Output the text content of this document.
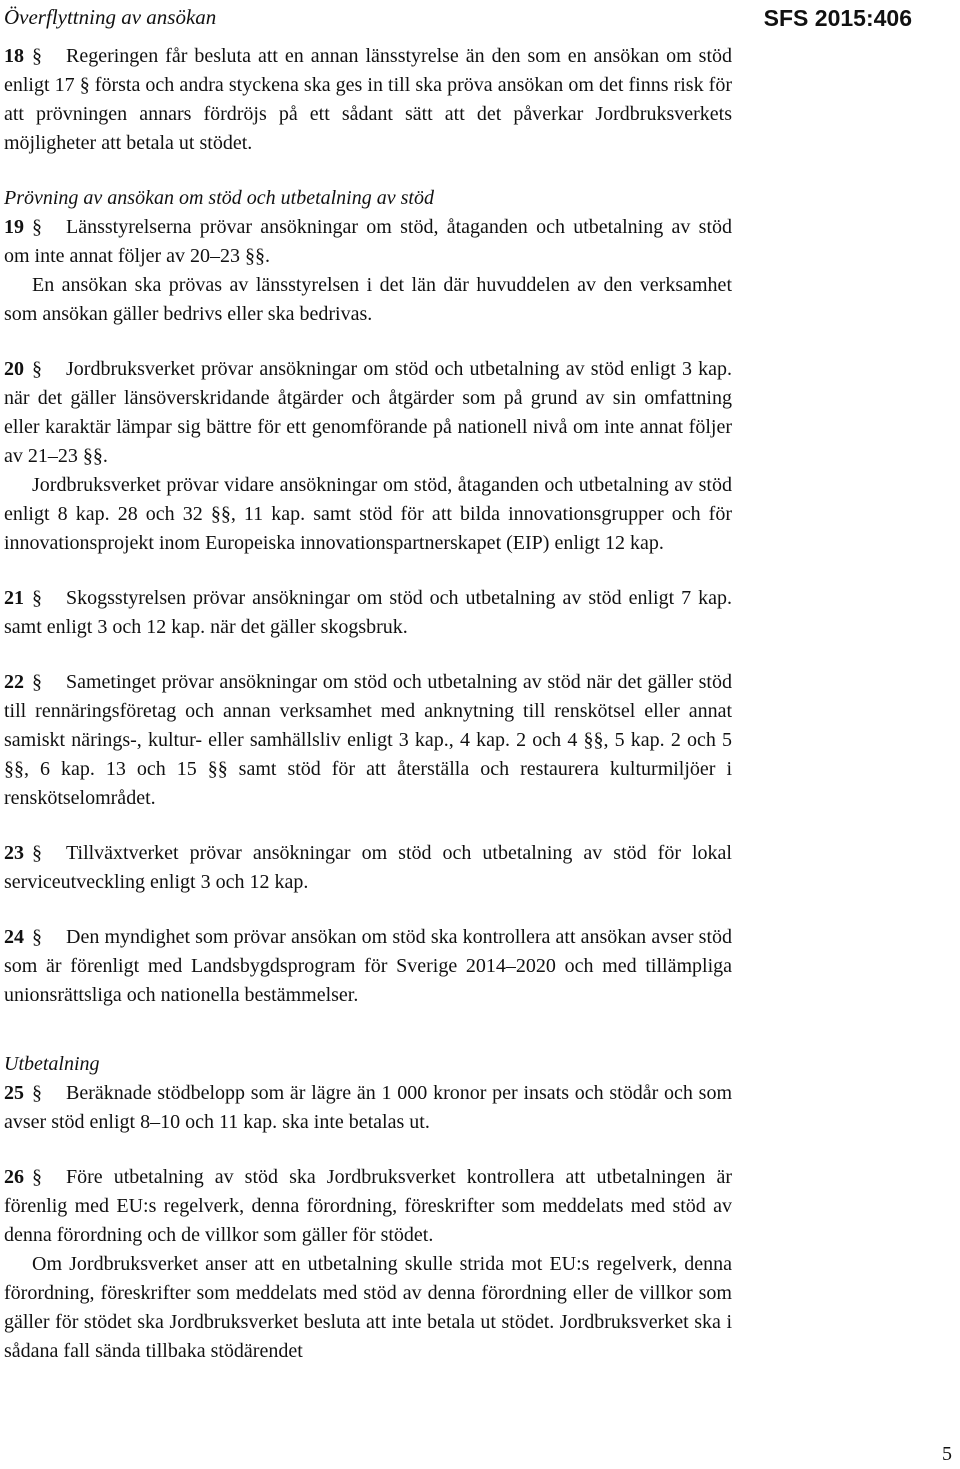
Överflyttning av ansökan	SFS 2015:406

18 § Regeringen får besluta att en annan länsstyrelse än den som en ansökan om stöd enligt 17 § första och andra styckena ska ges in till ska pröva ansökan om det finns risk för att prövningen annars fördröjs på ett sådant sätt att det påverkar Jordbruksverkets möjligheter att betala ut stödet.

Prövning av ansökan om stöd och utbetalning av stöd

19 § Länsstyrelserna prövar ansökningar om stöd, åtaganden och utbetalning av stöd om inte annat följer av 20–23 §§.

En ansökan ska prövas av länsstyrelsen i det län där huvuddelen av den verksamhet som ansökan gäller bedrivs eller ska bedrivas.

20 § Jordbruksverket prövar ansökningar om stöd och utbetalning av stöd enligt 3 kap. när det gäller länsöverskridande åtgärder och åtgärder som på grund av sin omfattning eller karaktär lämpar sig bättre för ett genomförande på nationell nivå om inte annat följer av 21–23 §§.

Jordbruksverket prövar vidare ansökningar om stöd, åtaganden och utbetalning av stöd enligt 8 kap. 28 och 32 §§, 11 kap. samt stöd för att bilda innovationsgrupper och för innovationsprojekt inom Europeiska innovationspartnerskapet (EIP) enligt 12 kap.

21 § Skogsstyrelsen prövar ansökningar om stöd och utbetalning av stöd enligt 7 kap. samt enligt 3 och 12 kap. när det gäller skogsbruk.

22 § Sametinget prövar ansökningar om stöd och utbetalning av stöd när det gäller stöd till rennäringsföretag och annan verksamhet med anknytning till renskötsel eller annat samiskt närings-, kultur- eller samhällsliv enligt 3 kap., 4 kap. 2 och 4 §§, 5 kap. 2 och 5 §§, 6 kap. 13 och 15 §§ samt stöd för att återställa och restaurera kulturmiljöer i renskötselområdet.

23 § Tillväxtverket prövar ansökningar om stöd och utbetalning av stöd för lokal serviceutveckling enligt 3 och 12 kap.

24 § Den myndighet som prövar ansökan om stöd ska kontrollera att ansökan avser stöd som är förenligt med Landsbygdsprogram för Sverige 2014–2020 och med tillämpliga unionsrättsliga och nationella bestämmelser.

Utbetalning

25 § Beräknade stödbelopp som är lägre än 1 000 kronor per insats och stödår och som avser stöd enligt 8–10 och 11 kap. ska inte betalas ut.

26 § Före utbetalning av stöd ska Jordbruksverket kontrollera att utbetalningen är förenlig med EU:s regelverk, denna förordning, föreskrifter som meddelats med stöd av denna förordning och de villkor som gäller för stödet.

Om Jordbruksverket anser att en utbetalning skulle strida mot EU:s regelverk, denna förordning, föreskrifter som meddelats med stöd av denna förordning eller de villkor som gäller för stödet ska Jordbruksverket besluta att inte betala ut stödet. Jordbruksverket ska i sådana fall sända tillbaka stödärendet

5
